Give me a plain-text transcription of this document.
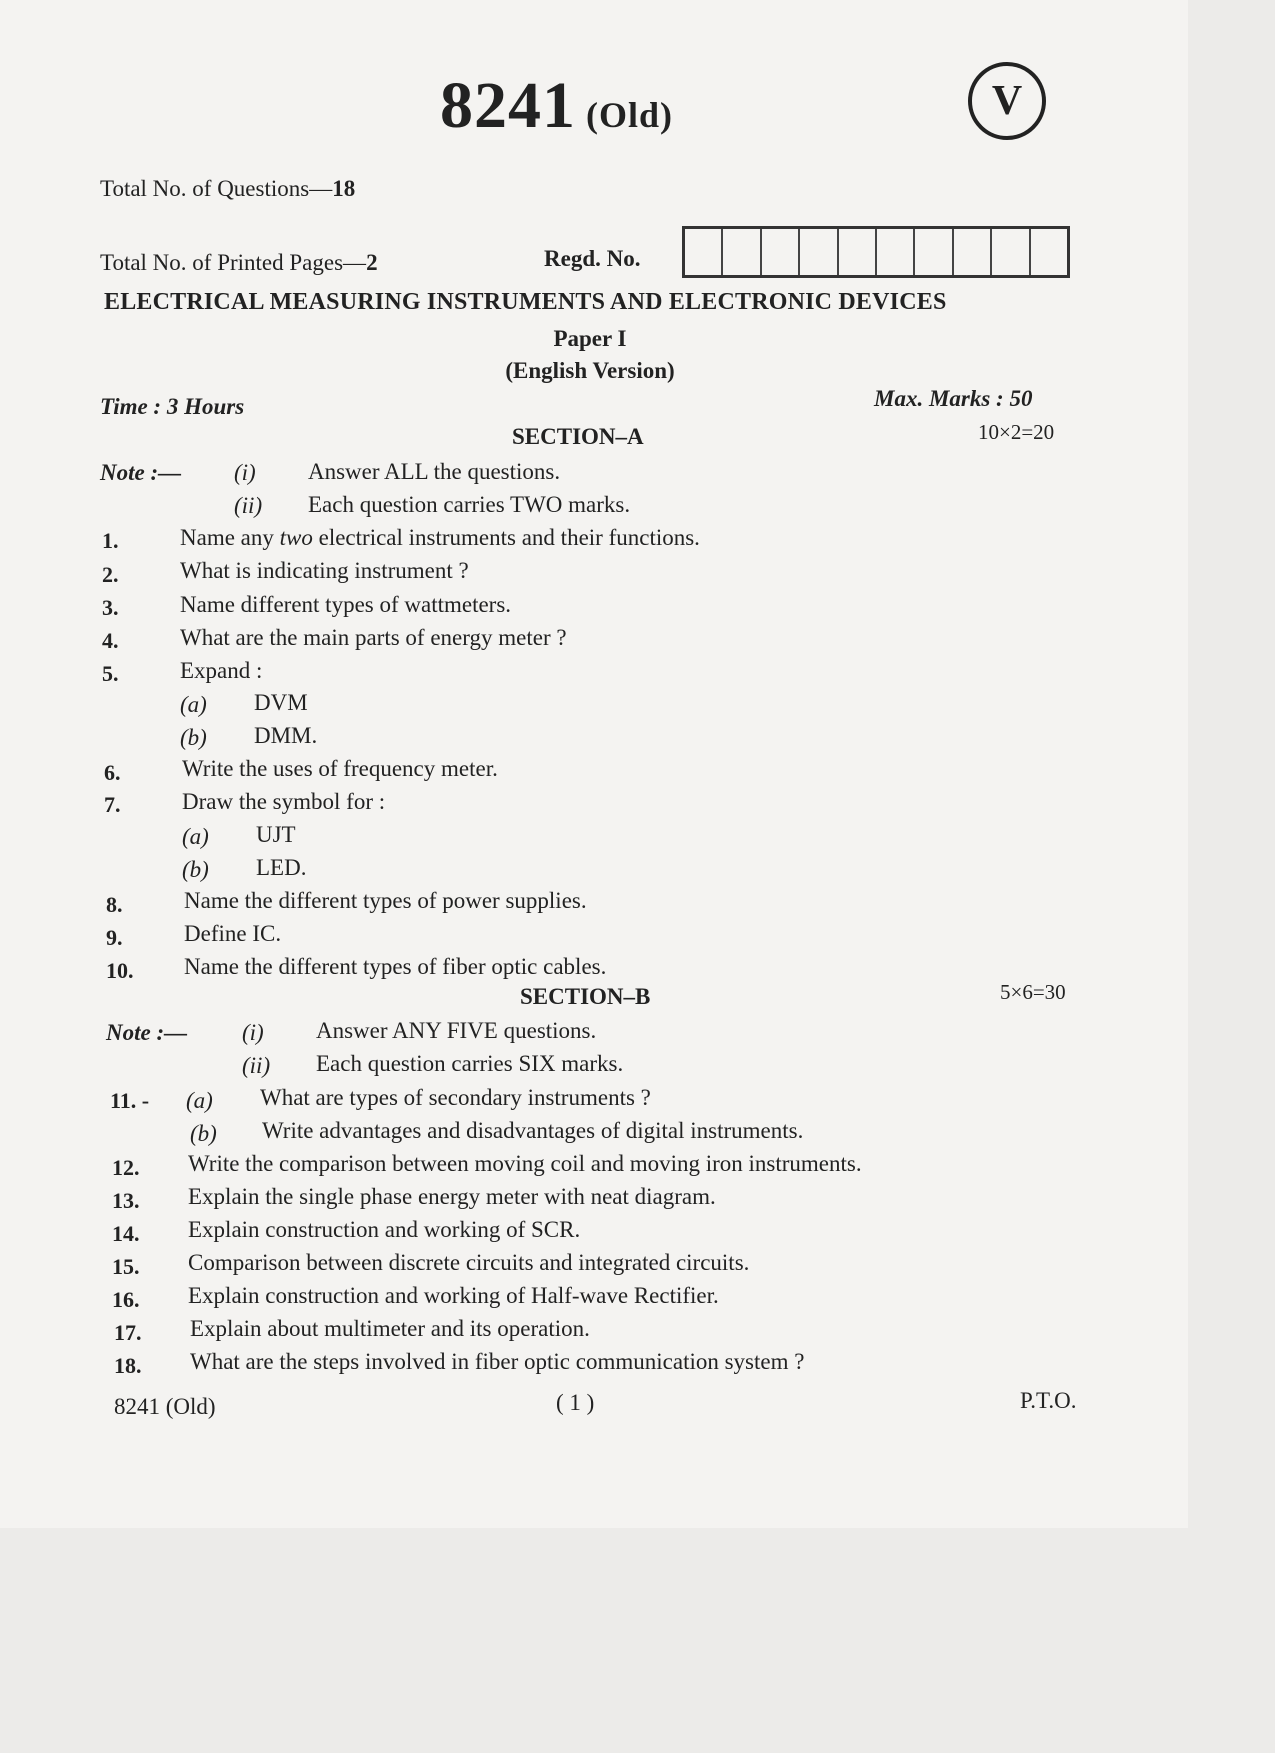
8241 (Old)	V
Total No. of Questions—18
Total No. of Printed Pages—2	Regd. No.
ELECTRICAL MEASURING INSTRUMENTS AND ELECTRONIC DEVICES
Paper I
(English Version)
Time : 3 Hours	Max. Marks : 50
SECTION–A	10×2=20
Note :— (i) Answer ALL the questions.
(ii) Each question carries TWO marks.
1.	Name any two electrical instruments and their functions.
2.	What is indicating instrument ?
3.	Name different types of wattmeters.
4.	What are the main parts of energy meter ?
5.	Expand :
(a) DVM
(b) DMM.
6.	Write the uses of frequency meter.
7.	Draw the symbol for :
(a) UJT
(b) LED.
8.	Name the different types of power supplies.
9.	Define IC.
10. Name the different types of fiber optic cables.
SECTION–B	5×6=30
Note :— (i) Answer ANY FIVE questions.
(ii) Each question carries SIX marks.
11. - (a) What are types of secondary instruments ?
(b) Write advantages and disadvantages of digital instruments.
12. Write the comparison between moving coil and moving iron instruments.
13. Explain the single phase energy meter with neat diagram.
14. Explain construction and working of SCR.
15. Comparison between discrete circuits and integrated circuits.
16. Explain construction and working of Half-wave Rectifier.
17. Explain about multimeter and its operation.
18. What are the steps involved in fiber optic communication system ?
8241 (Old)	( 1 )	P.T.O.
